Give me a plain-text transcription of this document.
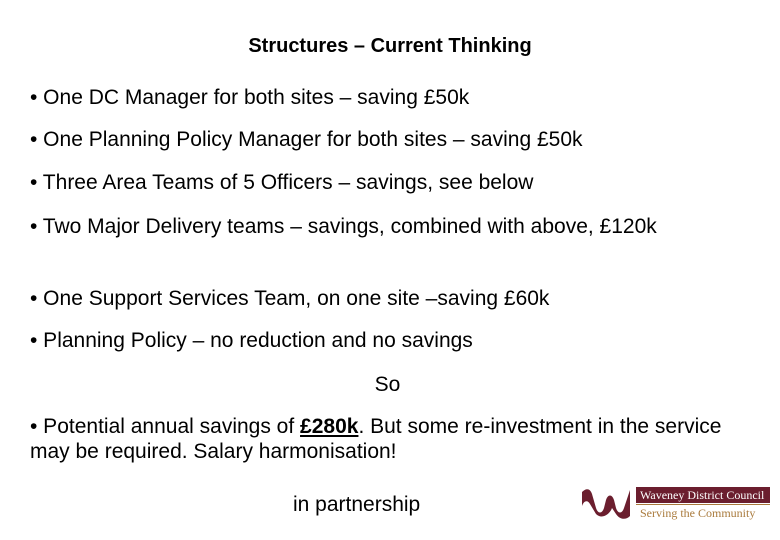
Structures – Current Thinking
• One DC Manager for both sites – saving £50k
• One Planning Policy Manager for both sites – saving £50k
• Three Area Teams of 5 Officers – savings, see below
• Two Major Delivery teams – savings, combined with above, £120k
• One Support Services Team, on one site –saving £60k
• Planning Policy – no reduction and no savings
So
• Potential annual savings of £280k. But some re-investment in the service may be required. Salary harmonisation!
in partnership	Waveney District Council
Serving the Community
